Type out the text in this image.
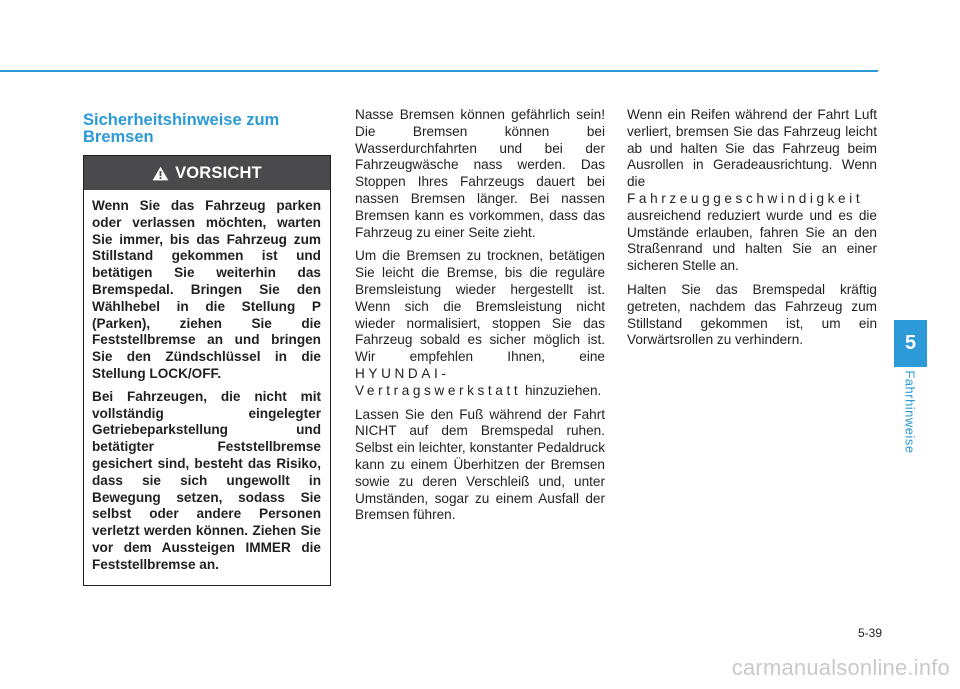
Sicherheitshinweise zum Bremsen
VORSICHT

Wenn Sie das Fahrzeug parken oder verlassen möchten, warten Sie immer, bis das Fahrzeug zum Stillstand gekommen ist und betätigen Sie weiterhin das Bremspedal. Bringen Sie den Wählhebel in die Stellung P (Parken), ziehen Sie die Feststellbremse an und bringen Sie den Zündschlüssel in die Stellung LOCK/OFF.

Bei Fahrzeugen, die nicht mit vollständig eingelegter Getriebeparkstellung und betätigter Feststellbremse gesichert sind, besteht das Risiko, dass sie sich ungewollt in Bewegung setzen, sodass Sie selbst oder andere Personen verletzt werden können. Ziehen Sie vor dem Aussteigen IMMER die Feststellbremse an.

Nasse Bremsen können gefährlich sein! Die Bremsen können bei Wasserdurchfahrten und bei der Fahrzeugwäsche nass werden. Das Stoppen Ihres Fahrzeugs dauert bei nassen Bremsen länger. Bei nassen Bremsen kann es vorkommen, dass das Fahrzeug zu einer Seite zieht.

Um die Bremsen zu trocknen, betätigen Sie leicht die Bremse, bis die reguläre Bremsleistung wieder hergestellt ist. Wenn sich die Bremsleistung nicht wieder normalisiert, stoppen Sie das Fahrzeug sobald es sicher möglich ist. Wir empfehlen Ihnen, eine HYUNDAI-Vertragswerkstatt hinzuziehen.

Lassen Sie den Fuß während der Fahrt NICHT auf dem Bremspedal ruhen. Selbst ein leichter, konstanter Pedaldruck kann zu einem Überhitzen der Bremsen sowie zu deren Verschleiß und, unter Umständen, sogar zu einem Ausfall der Bremsen führen.

Wenn ein Reifen während der Fahrt Luft verliert, bremsen Sie das Fahrzeug leicht ab und halten Sie das Fahrzeug beim Ausrollen in Geradeausrichtung. Wenn die Fahrzeuggeschwindigkeit ausreichend reduziert wurde und es die Umstände erlauben, fahren Sie an den Straßenrand und halten Sie an einer sicheren Stelle an.

Halten Sie das Bremspedal kräftig getreten, nachdem das Fahrzeug zum Stillstand gekommen ist, um ein Vorwärtsrollen zu verhindern.	5
Fahrhinweise
5-39
carmanualsonline.info
